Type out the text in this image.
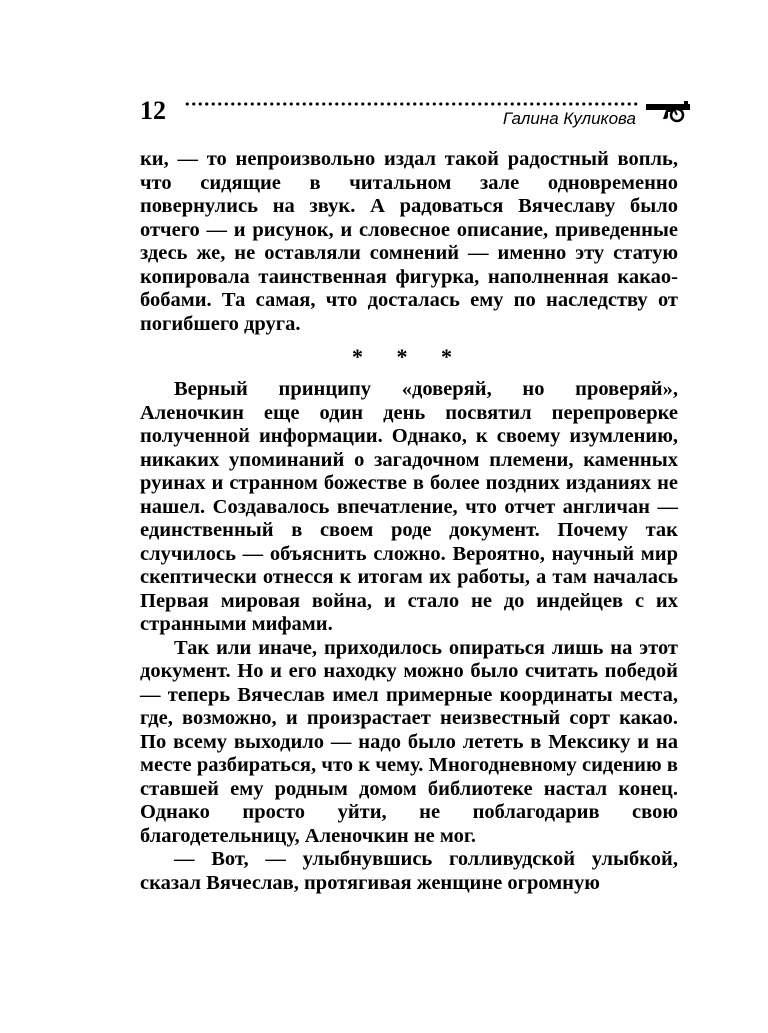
12	Галина Куликова

ки, — то непроизвольно издал такой радостный вопль, что сидящие в читальном зале одновременно повернулись на звук. А радоваться Вячеславу было отчего — и рисунок, и словесное описание, приведенные здесь же, не оставляли сомнений — именно эту статую копировала таинственная фигурка, наполненная какао-бобами. Та самая, что досталась ему по наследству от погибшего друга.

* * *

Верный принципу «доверяй, но проверяй», Аленочкин еще один день посвятил перепроверке полученной информации. Однако, к своему изумлению, никаких упоминаний о загадочном племени, каменных руинах и странном божестве в более поздних изданиях не нашел. Создавалось впечатление, что отчет англичан — единственный в своем роде документ. Почему так случилось — объяснить сложно. Вероятно, научный мир скептически отнесся к итогам их работы, а там началась Первая мировая война, и стало не до индейцев с их странными мифами.

Так или иначе, приходилось опираться лишь на этот документ. Но и его находку можно было считать победой — теперь Вячеслав имел примерные координаты места, где, возможно, и произрастает неизвестный сорт какао. По всему выходило — надо было лететь в Мексику и на месте разбираться, что к чему. Многодневному сидению в ставшей ему родным домом библиотеке настал конец. Однако просто уйти, не поблагодарив свою благодетельницу, Аленочкин не мог.

— Вот, — улыбнувшись голливудской улыбкой, сказал Вячеслав, протягивая женщине огромную
